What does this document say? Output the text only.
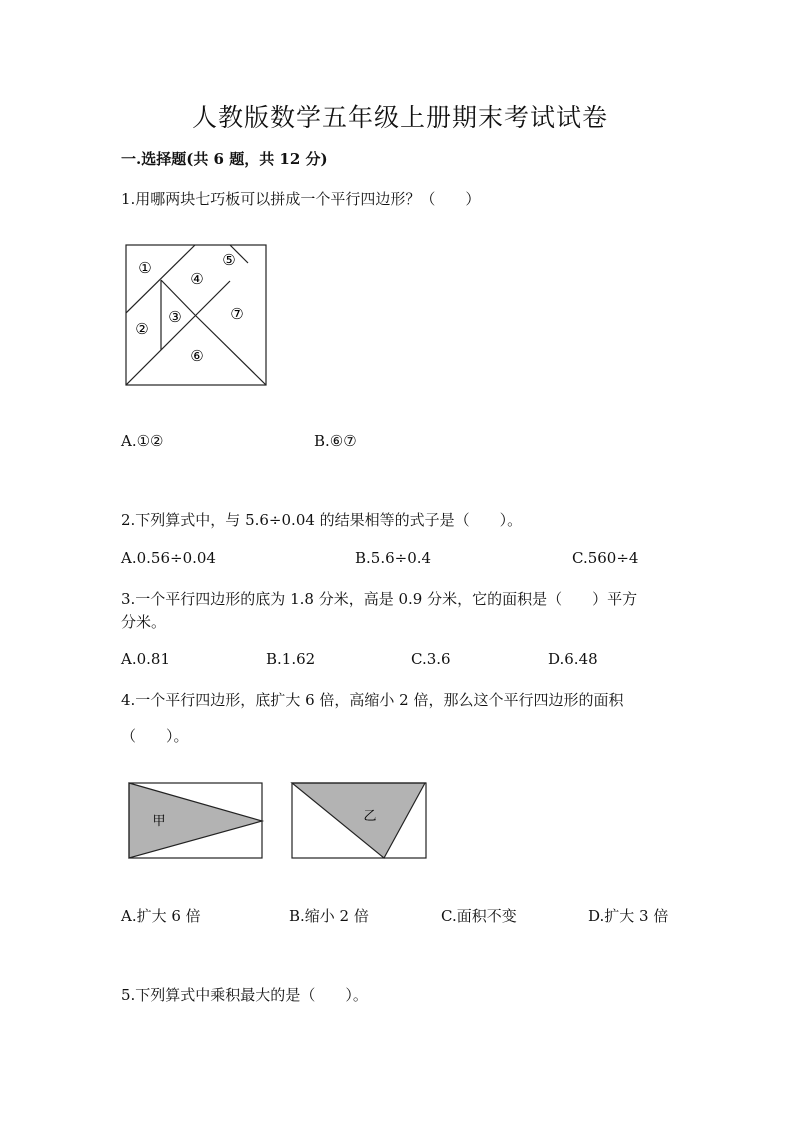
人教版数学五年级上册期末考试试卷
一.选择题(共 6 题，共 12 分)
1.用哪两块七巧板可以拼成一个平行四边形？（　　）
①
②
③
④
⑤
⑥
⑦
A.①②	B.⑥⑦
2.下列算式中，与 5.6÷0.04 的结果相等的式子是（　　）。
A.0.56÷0.04	B.5.6÷0.4	C.560÷4
3.一个平行四边形的底为 1.8 分米，高是 0.9 分米，它的面积是（　　）平方
分米。
A.0.81	B.1.62	C.3.6	D.6.48
4.一个平行四边形，底扩大 6 倍，高缩小 2 倍，那么这个平行四边形的面积
（　　）。
甲	乙
A.扩大 6 倍	B.缩小 2 倍	C.面积不变	D.扩大 3 倍
5.下列算式中乘积最大的是（　　）。
